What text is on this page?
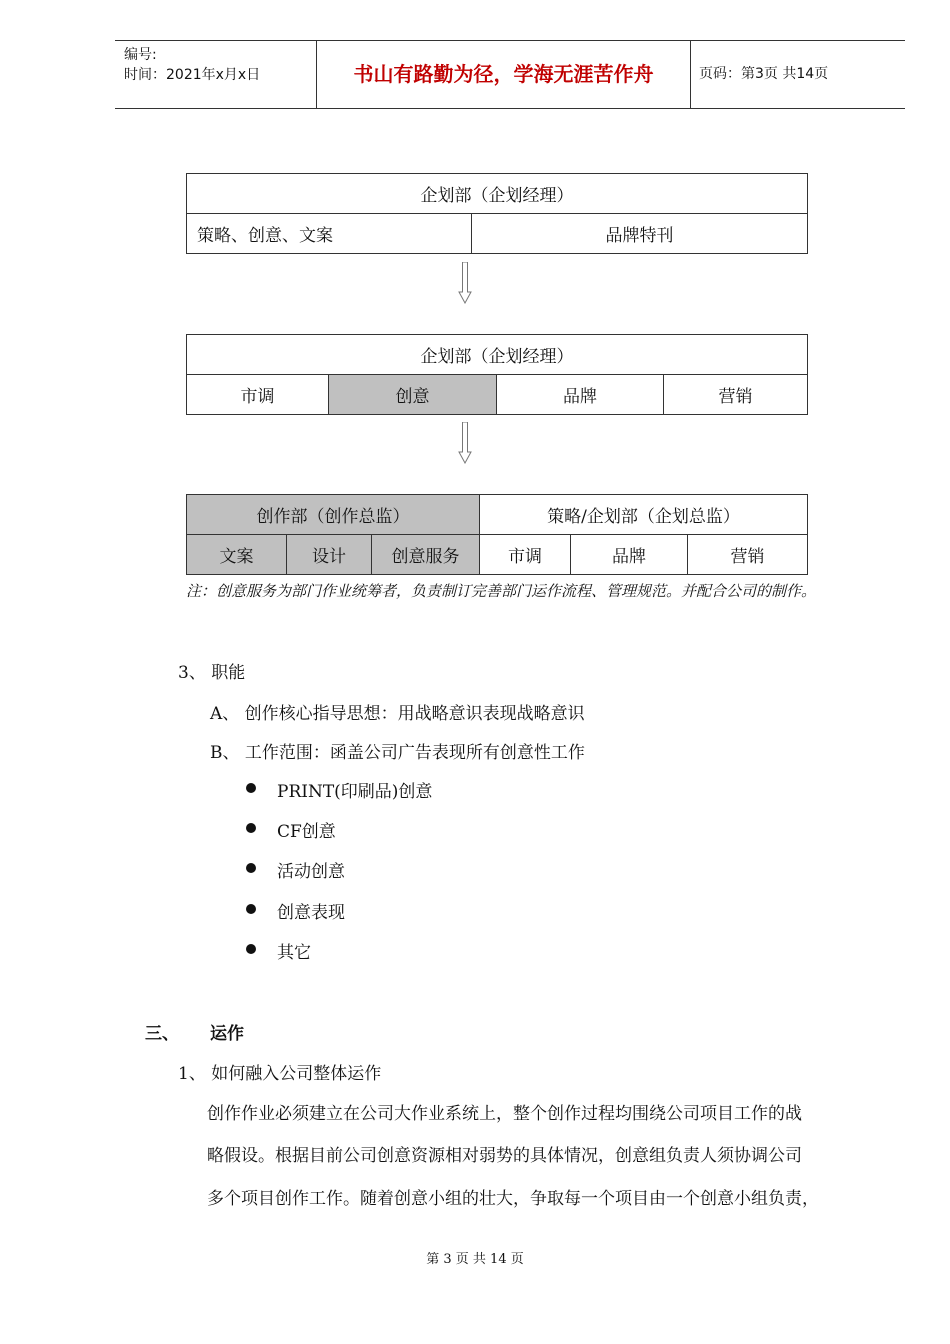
编号:
时间：2021年x月x日	书山有路勤为径，学海无涯苦作舟	页码：第3页 共14页
企划部（企划经理）
策略、创意、文案	品牌特刊
企划部（企划经理）
市调	创意	品牌	营销
创作部（创作总监）			策略/企划部（企划总监）		
文案	设计	创意服务	市调	品牌	营销
注：创意服务为部门作业统筹者，负责制订完善部门运作流程、管理规范。并配合公司的制作。
3、 职能
A、 创作核心指导思想：用战略意识表现战略意识
B、 工作范围：函盖公司广告表现所有创意性工作
PRINT(印刷品)创意
CF创意
活动创意
创意表现
其它
三、 运作
1、 如何融入公司整体运作
创作作业必须建立在公司大作业系统上，整个创作过程均围绕公司项目工作的战
略假设。根据目前公司创意资源相对弱势的具体情况，创意组负责人须协调公司
多个项目创作工作。随着创意小组的壮大，争取每一个项目由一个创意小组负责，
第 3 页 共 14 页
